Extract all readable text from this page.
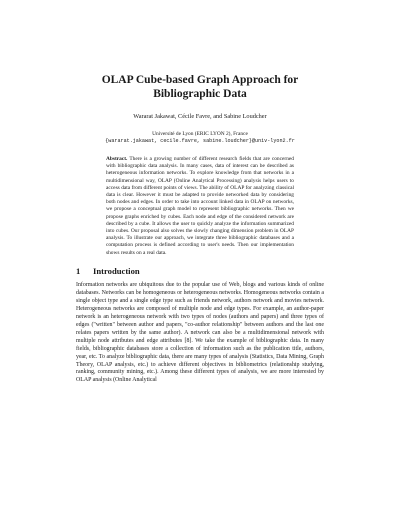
OLAP Cube-based Graph Approach for
Bibliographic Data
Wararat Jakawat, Cécile Favre, and Sabine Loudcher
Université de Lyon (ERIC LYON 2), France
{wararat.jakawat, cecile.favre, sabine.loudcher}@univ-lyon2.fr
Abstract. There is a growing number of different research fields that are concerned with bibliographic data analysis. In many cases, data of interest can be described as heterogeneous information networks. To explore knowledge from that networks in a multidimensional way, OLAP (Online Analytical Processing) analysis helps users to access data from different points of views. The ability of OLAP for analyzing classical data is clear. However it must be adapted to provide networked data by considering both nodes and edges. In order to take into account linked data in OLAP on networks, we propose a conceptual graph model to represent bibliographic networks. Then we propose graphs enriched by cubes. Each node and edge of the considered network are described by a cube. It allows the user to quickly analyze the information summarized into cubes. Our proposal also solves the slowly changing dimension problem in OLAP analysis. To illustrate our approach, we integrate three bibliographic databases and a computation process is defined according to user's needs. Then our implementation shows results on a real data.
1 Introduction

Information networks are ubiquitous due to the popular use of Web, blogs and various kinds of online databases. Networks can be homogeneous or heterogeneous networks. Homogeneous networks contain a single object type and a single edge type such as friends network, authors network and movies network. Heterogeneous networks are composed of multiple node and edge types. For example, an author-paper network is an heterogeneous network with two types of nodes (authors and papers) and three types of edges ("written" between author and papers, "co-author relationship" between authors and the last one relates papers written by the same author). A network can also be a multidimensional network with multiple node attributes and edge attributes [8]. We take the example of bibliographic data. In many fields, bibliographic databases store a collection of information such as the publication title, authors, year, etc. To analyze bibliographic data, there are many types of analysis (Statistics, Data Mining, Graph Theory, OLAP analysis, etc.) to achieve different objectives in bibliometrics (relationship studying, ranking, community mining, etc.). Among these different types of analysis, we are more interested by OLAP analysis (Online Analytical
